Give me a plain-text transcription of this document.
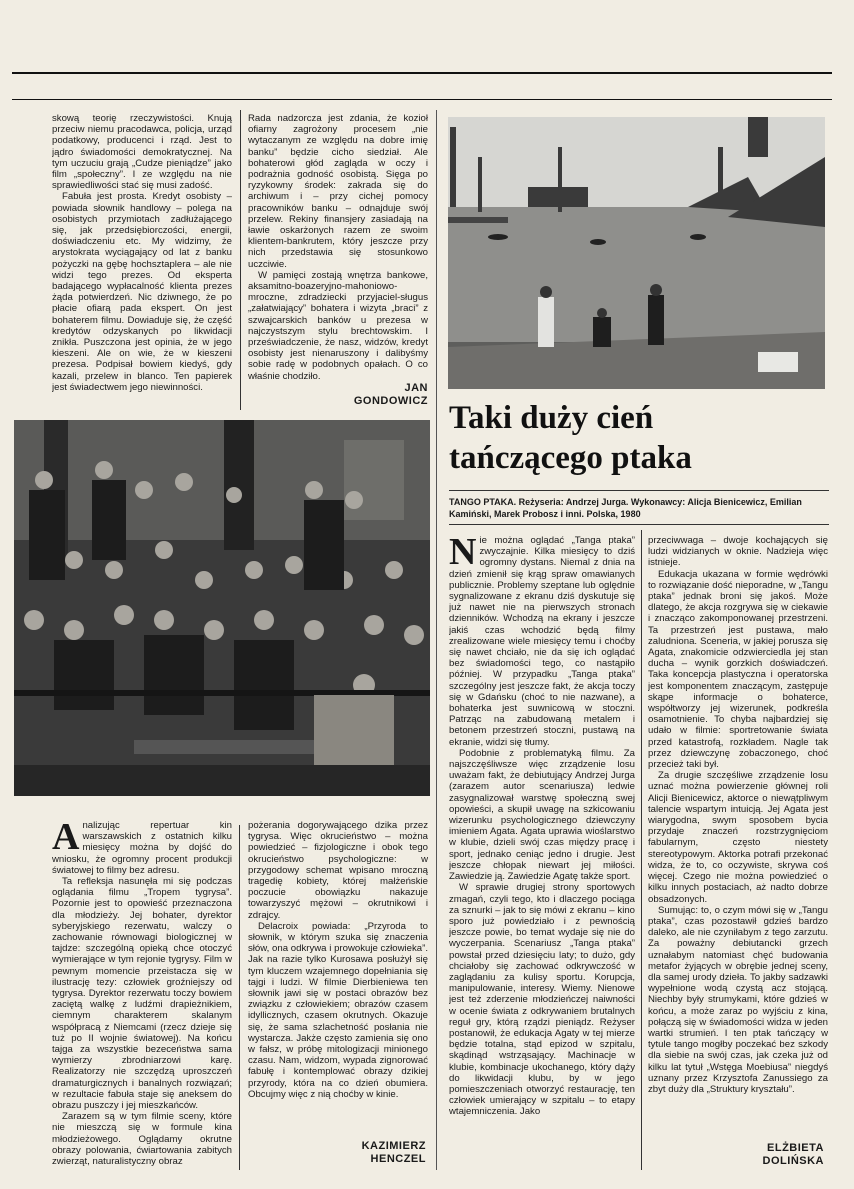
skową teorię rzeczywistości. Knują przeciw niemu pracodawca, policja, urząd podatkowy, producenci i rząd. Jest to jądro świadomości demokratycznej. Na tym uczuciu grają „Cudze pieniądze” jako film „społeczny”. I ze względu na nie sprawiedliwości stać się musi zadość.

Fabuła jest prosta. Kredyt osobisty – powiada słownik handlowy – polega na osobistych przymiotach zadłużającego się, jak przedsiębiorczości, energii, doświadczeniu etc. My widzimy, że arystokrata wyciągający od lat z banku pożyczki na gębę hochsztaplera – ale nie widzi tego prezes. Od eksperta badającego wypłacalność klienta prezes żąda potwierdzeń. Nic dziwnego, że po płacie ofiarą pada ekspert. On jest bohaterem filmu. Dowiaduje się, że część kredytów odzyskanych po likwidacji znikła. Puszczona jest opinia, że w jego kieszeni. Ale on wie, że w kieszeni prezesa. Podpisał bowiem kiedyś, gdy kazali, przelew in blanco. Ten papierek jest świadectwem jego niewinności.

Rada nadzorcza jest zdania, że kozioł ofiarny zagrożony procesem „nie wytaczanym ze względu na dobre imię banku” będzie cicho siedział. Ale bohaterowi głód zagląda w oczy i podrażnia godność osobistą. Sięga po ryzykowny środek: zakrada się do archiwum i – przy cichej pomocy pracowników banku – odnajduje swój przelew. Rekiny finansjery zasiadają na ławie oskarżonych razem ze swoim klientem-bankrutem, który jeszcze przy nich przedstawia się stosunkowo uczciwie.

W pamięci zostają wnętrza bankowe, aksamitno-boazeryjno-mahoniowo-mroczne, zdradziecki przyjaciel-sługus „załatwiający” bohatera i wizyta „braci” z szwajcarskich banków u prezesa w najczystszym stylu brechtowskim. I przeświadczenie, że nasz, widzów, kredyt osobisty jest nienaruszony i dalibyśmy sobie radę w podobnych opałach. O co właśnie chodziło.

JAN
GONDOWICZ Taki duży cień
tańczącego ptaka
TANGO PTAKA. Reżyseria: Andrzej Jurga. Wykonawcy: Alicja Bienicewicz, Emilian Kamiński, Marek Probosz i inni. Polska, 1980

Nie można oglądać „Tanga ptaka” zwyczajnie. Kilka miesięcy to dziś ogromny dystans. Niemal z dnia na dzień zmienił się krąg spraw omawianych publicznie. Problemy szeptane lub oględnie sygnalizowane z ekranu dziś dyskutuje się już nawet nie na pierwszych stronach dzienników. Wchodzą na ekrany i jeszcze jakiś czas wchodzić będą filmy zrealizowane wiele miesięcy temu i choćby się nawet chciało, nie da się ich oglądać bez świadomości tego, co nastąpiło później. W przypadku „Tanga ptaka” szczególny jest jeszcze fakt, że akcja toczy się w Gdańsku (choć to nie nazwane), a bohaterka jest suwnicową w stoczni. Patrząc na zabudowaną metalem i betonem przestrzeń stoczni, pustawą na ekranie, widzi się tłumy.

Podobnie z problematyką filmu. Za najszczęśliwsze więc zrządzenie losu uważam fakt, że debiutujący Andrzej Jurga (zarazem autor scenariusza) ledwie zasygnalizował warstwę społeczną swej opowieści, a skupił uwagę na szkicowaniu wizerunku psychologicznego dziewczyny imieniem Agata. Agata uprawia wioślarstwo w klubie, dzieli swój czas między pracę i sport, jednako ceniąc jedno i drugie. Jest jeszcze chłopak niewart jej miłości. Zawiedzie ją. Zawiedzie Agatę także sport.

W sprawie drugiej strony sportowych zmagań, czyli tego, kto i dlaczego pociąga za sznurki – jak to się mówi z ekranu – kino sporo już powiedziało i z pewnością jeszcze powie, bo temat wydaje się nie do wyczerpania. Scenariusz „Tanga ptaka” powstał przed dziesięciu laty; to dużo, gdy chciałoby się zachować odkrywczość w zaglądaniu za kulisy sportu. Korupcja, manipulowanie, interesy. Wiemy. Nienowe jest też zderzenie młodzieńczej naiwności w ocenie świata z odkrywaniem brutalnych reguł gry, którą rządzi pieniądz. Reżyser postanowił, że edukacja Agaty w tej mierze będzie totalna, stąd epizod w szpitalu, skądinąd wstrząsający. Machinacje w klubie, kombinacje ukochanego, który dąży do likwidacji klubu, by w jego pomieszczeniach otworzyć restaurację, ten człowiek umierający w szpitalu – to etapy wtajemniczenia. Jako

przeciwwaga – dwoje kochających się ludzi widzianych w oknie. Nadzieja więc istnieje.

Edukacja ukazana w formie wędrówki to rozwiązanie dość nieporadne, w „Tangu ptaka” jednak broni się jakoś. Może dlatego, że akcja rozgrywa się w ciekawie i znacząco zakomponowanej przestrzeni. Ta przestrzeń jest pustawa, mało zaludniona. Sceneria, w jakiej porusza się Agata, znakomicie odzwierciedla jej stan ducha – wynik gorzkich doświadczeń. Taka koncepcja plastyczna i operatorska jest komponentem znaczącym, zastępuje skąpe informacje o bohaterce, współtworzy jej wizerunek, podkreśla osamotnienie. To chyba najbardziej się udało w filmie: sportretowanie świata przed katastrofą, rozkładem. Nagle tak przez dziewczynę zobaczonego, choć przecież taki był.

Za drugie szczęśliwe zrządzenie losu uznać można powierzenie głównej roli Alicji Bienicewicz, aktorce o niewątpliwym talencie wspartym intuicją. Jej Agata jest wiarygodna, swym sposobem bycia przydaje znaczeń rozstrzygnięciom fabularnym, często niestety stereotypowym. Aktorka potrafi przekonać widza, że to, co oczywiste, skrywa coś więcej. Czego nie można powiedzieć o kilku innych postaciach, aż nadto dobrze obsadzonych.

Sumując: to, o czym mówi się w „Tangu ptaka”, czas pozostawił gdzieś bardzo daleko, ale nie czyniłabym z tego zarzutu. Za poważny debiutancki grzech uznałabym natomiast chęć budowania metafor żyjących w obrębie jednej sceny, dla samej urody dzieła. To jakby sadzawki wypełnione wodą czystą acz stojącą. Niechby były strumykami, które gdzieś w końcu, a może zaraz po wyjściu z kina, połączą się w świadomości widza w jeden wartki strumień. I ten ptak tańczący w tytule tango mogłby poczekać bez szkody dla siebie na swój czas, jak czeka już od kilku lat tytuł „Wstęga Moebiusa” niegdyś uznany przez Krzysztofa Zanussiego za zbyt duży dla „Struktury kryształu”.

ELŻBIETA
DOLIŃSKA

Analizując repertuar kin warszawskich z ostatnich kilku miesięcy można by dojść do wniosku, że ogromny procent produkcji światowej to filmy bez adresu.

Ta refleksja nasunęła mi się podczas oglądania filmu „Tropem tygrysa”. Pozornie jest to opowieść przeznaczona dla młodzieży. Jej bohater, dyrektor syberyjskiego rezerwatu, walczy o zachowanie równowagi biologicznej w tajdze: szczególną opieką chce otoczyć wymierające w tym rejonie tygrysy. Film w pewnym momencie przeistacza się w ilustrację tezy: człowiek groźniejszy od tygrysa. Dyrektor rezerwatu toczy bowiem zaciętą walkę z ludźmi drapieżnikiem, ciemnym charakterem skalanym współpracą z Niemcami (rzecz dzieje się tuż po II wojnie światowej). Na końcu tajga za wszystkie bezeceństwa sama wymierzy zbrodniarzowi karę. Realizatorzy nie szczędzą uproszczeń dramaturgicznych i banalnych rozwiązań; w rezultacie fabuła staje się aneksem do obrazu puszczy i jej mieszkańców.

Zarazem są w tym filmie sceny, które nie mieszczą się w formule kina młodzieżowego. Oglądamy okrutne obrazy polowania, ćwiartowania zabitych zwierząt, naturalistyczny obraz

pożerania dogorywającego dzika przez tygrysa. Więc okrucieństwo – można powiedzieć – fizjologiczne i obok tego okrucieństwo psychologiczne: w przygodowy schemat wpisano mroczną tragedię kobiety, której małżeńskie poczucie obowiązku nakazuje towarzyszyć mężowi – okrutnikowi i zdrajcy.

Delacroix powiada: „Przyroda to słownik, w którym szuka się znaczenia słów, ona odkrywa i prowokuje człowieka”. Jak na razie tylko Kurosawa posłużył się tym kluczem wzajemnego dopełniania się tajgi i ludzi. W filmie Dierbieniewa ten słownik jawi się w postaci obrazów bez związku z człowiekiem; obrazów czasem idyllicznych, czasem okrutnych. Okazuje się, że sama szlachetność posłania nie wystarcza. Jakże często zamienia się ono w fałsz, w próbę mitologizacji minionego czasu. Nam, widzom, wypada zignorować fabułę i kontemplować obrazy dzikiej przyrody, która na co dzień obumiera. Obcujmy więc z nią choćby w kinie.

KAZIMIERZ
HENCZEL
